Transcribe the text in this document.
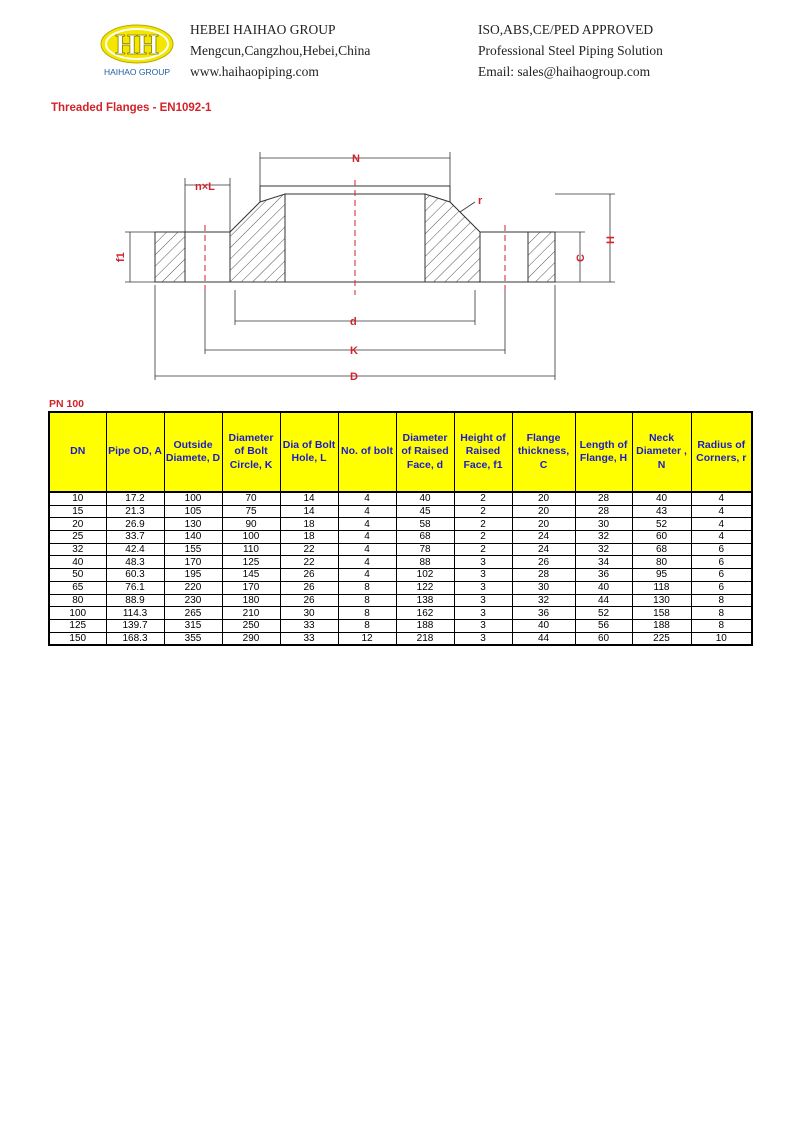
HH
HAIHAO GROUP
HEBEI HAIHAO GROUP
Mengcun,Cangzhou,Hebei,China
www.haihaopiping.com
ISO,ABS,CE/PED APPROVED
Professional Steel Piping Solution
Email: sales@haihaogroup.com
Threaded Flanges - EN1092-1
N
n×L
f1
r
C
H
d
K
D
PN 100
DN	Pipe OD, A	Outside Diamete, D	Diameter of Bolt Circle, K	Dia of Bolt Hole, L	No. of bolt	Diameter of Raised Face, d	Height of Raised Face, f1	Flange thickness, C	Length of Flange, H	Neck Diameter , N	Radius of Corners, r
10	17.2	100	70	14	4	40	2	20	28	40	4
15	21.3	105	75	14	4	45	2	20	28	43	4
20	26.9	130	90	18	4	58	2	20	30	52	4
25	33.7	140	100	18	4	68	2	24	32	60	4
32	42.4	155	110	22	4	78	2	24	32	68	6
40	48.3	170	125	22	4	88	3	26	34	80	6
50	60.3	195	145	26	4	102	3	28	36	95	6
65	76.1	220	170	26	8	122	3	30	40	118	6
80	88.9	230	180	26	8	138	3	32	44	130	8
100	114.3	265	210	30	8	162	3	36	52	158	8
125	139.7	315	250	33	8	188	3	40	56	188	8
150	168.3	355	290	33	12	218	3	44	60	225	10
